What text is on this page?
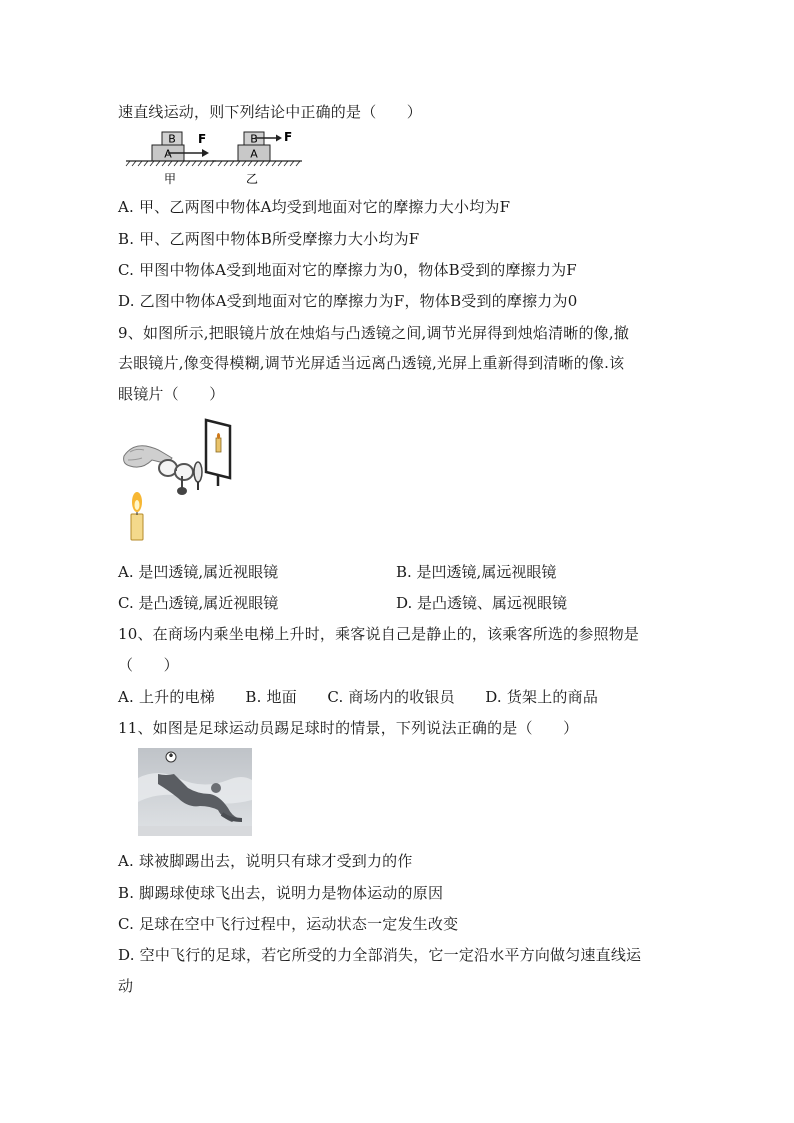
速直线运动，则下列结论中正确的是（　　）
B
A
F
甲
B F
A
乙
A. 甲、乙两图中物体A均受到地面对它的摩擦力大小均为F
B. 甲、乙两图中物体B所受摩擦力大小均为F
C. 甲图中物体A受到地面对它的摩擦力为0，物体B受到的摩擦力为F
D. 乙图中物体A受到地面对它的摩擦力为F，物体B受到的摩擦力为0
9、如图所示,把眼镜片放在烛焰与凸透镜之间,调节光屏得到烛焰清晰的像,撤
去眼镜片,像变得模糊,调节光屏适当远离凸透镜,光屏上重新得到清晰的像.该
眼镜片（　　）
A. 是凹透镜,属近视眼镜	B. 是凹透镜,属远视眼镜
C. 是凸透镜,属近视眼镜	D. 是凸透镜、属远视眼镜
10、在商场内乘坐电梯上升时，乘客说自己是静止的，该乘客所选的参照物是
（　　）
A. 上升的电梯　　B. 地面　　C. 商场内的收银员　　D. 货架上的商品
11、如图是足球运动员踢足球时的情景，下列说法正确的是（　　）
A. 球被脚踢出去，说明只有球才受到力的作
B. 脚踢球使球飞出去，说明力是物体运动的原因
C. 足球在空中飞行过程中，运动状态一定发生改变
D. 空中飞行的足球，若它所受的力全部消失，它一定沿水平方向做匀速直线运
动
